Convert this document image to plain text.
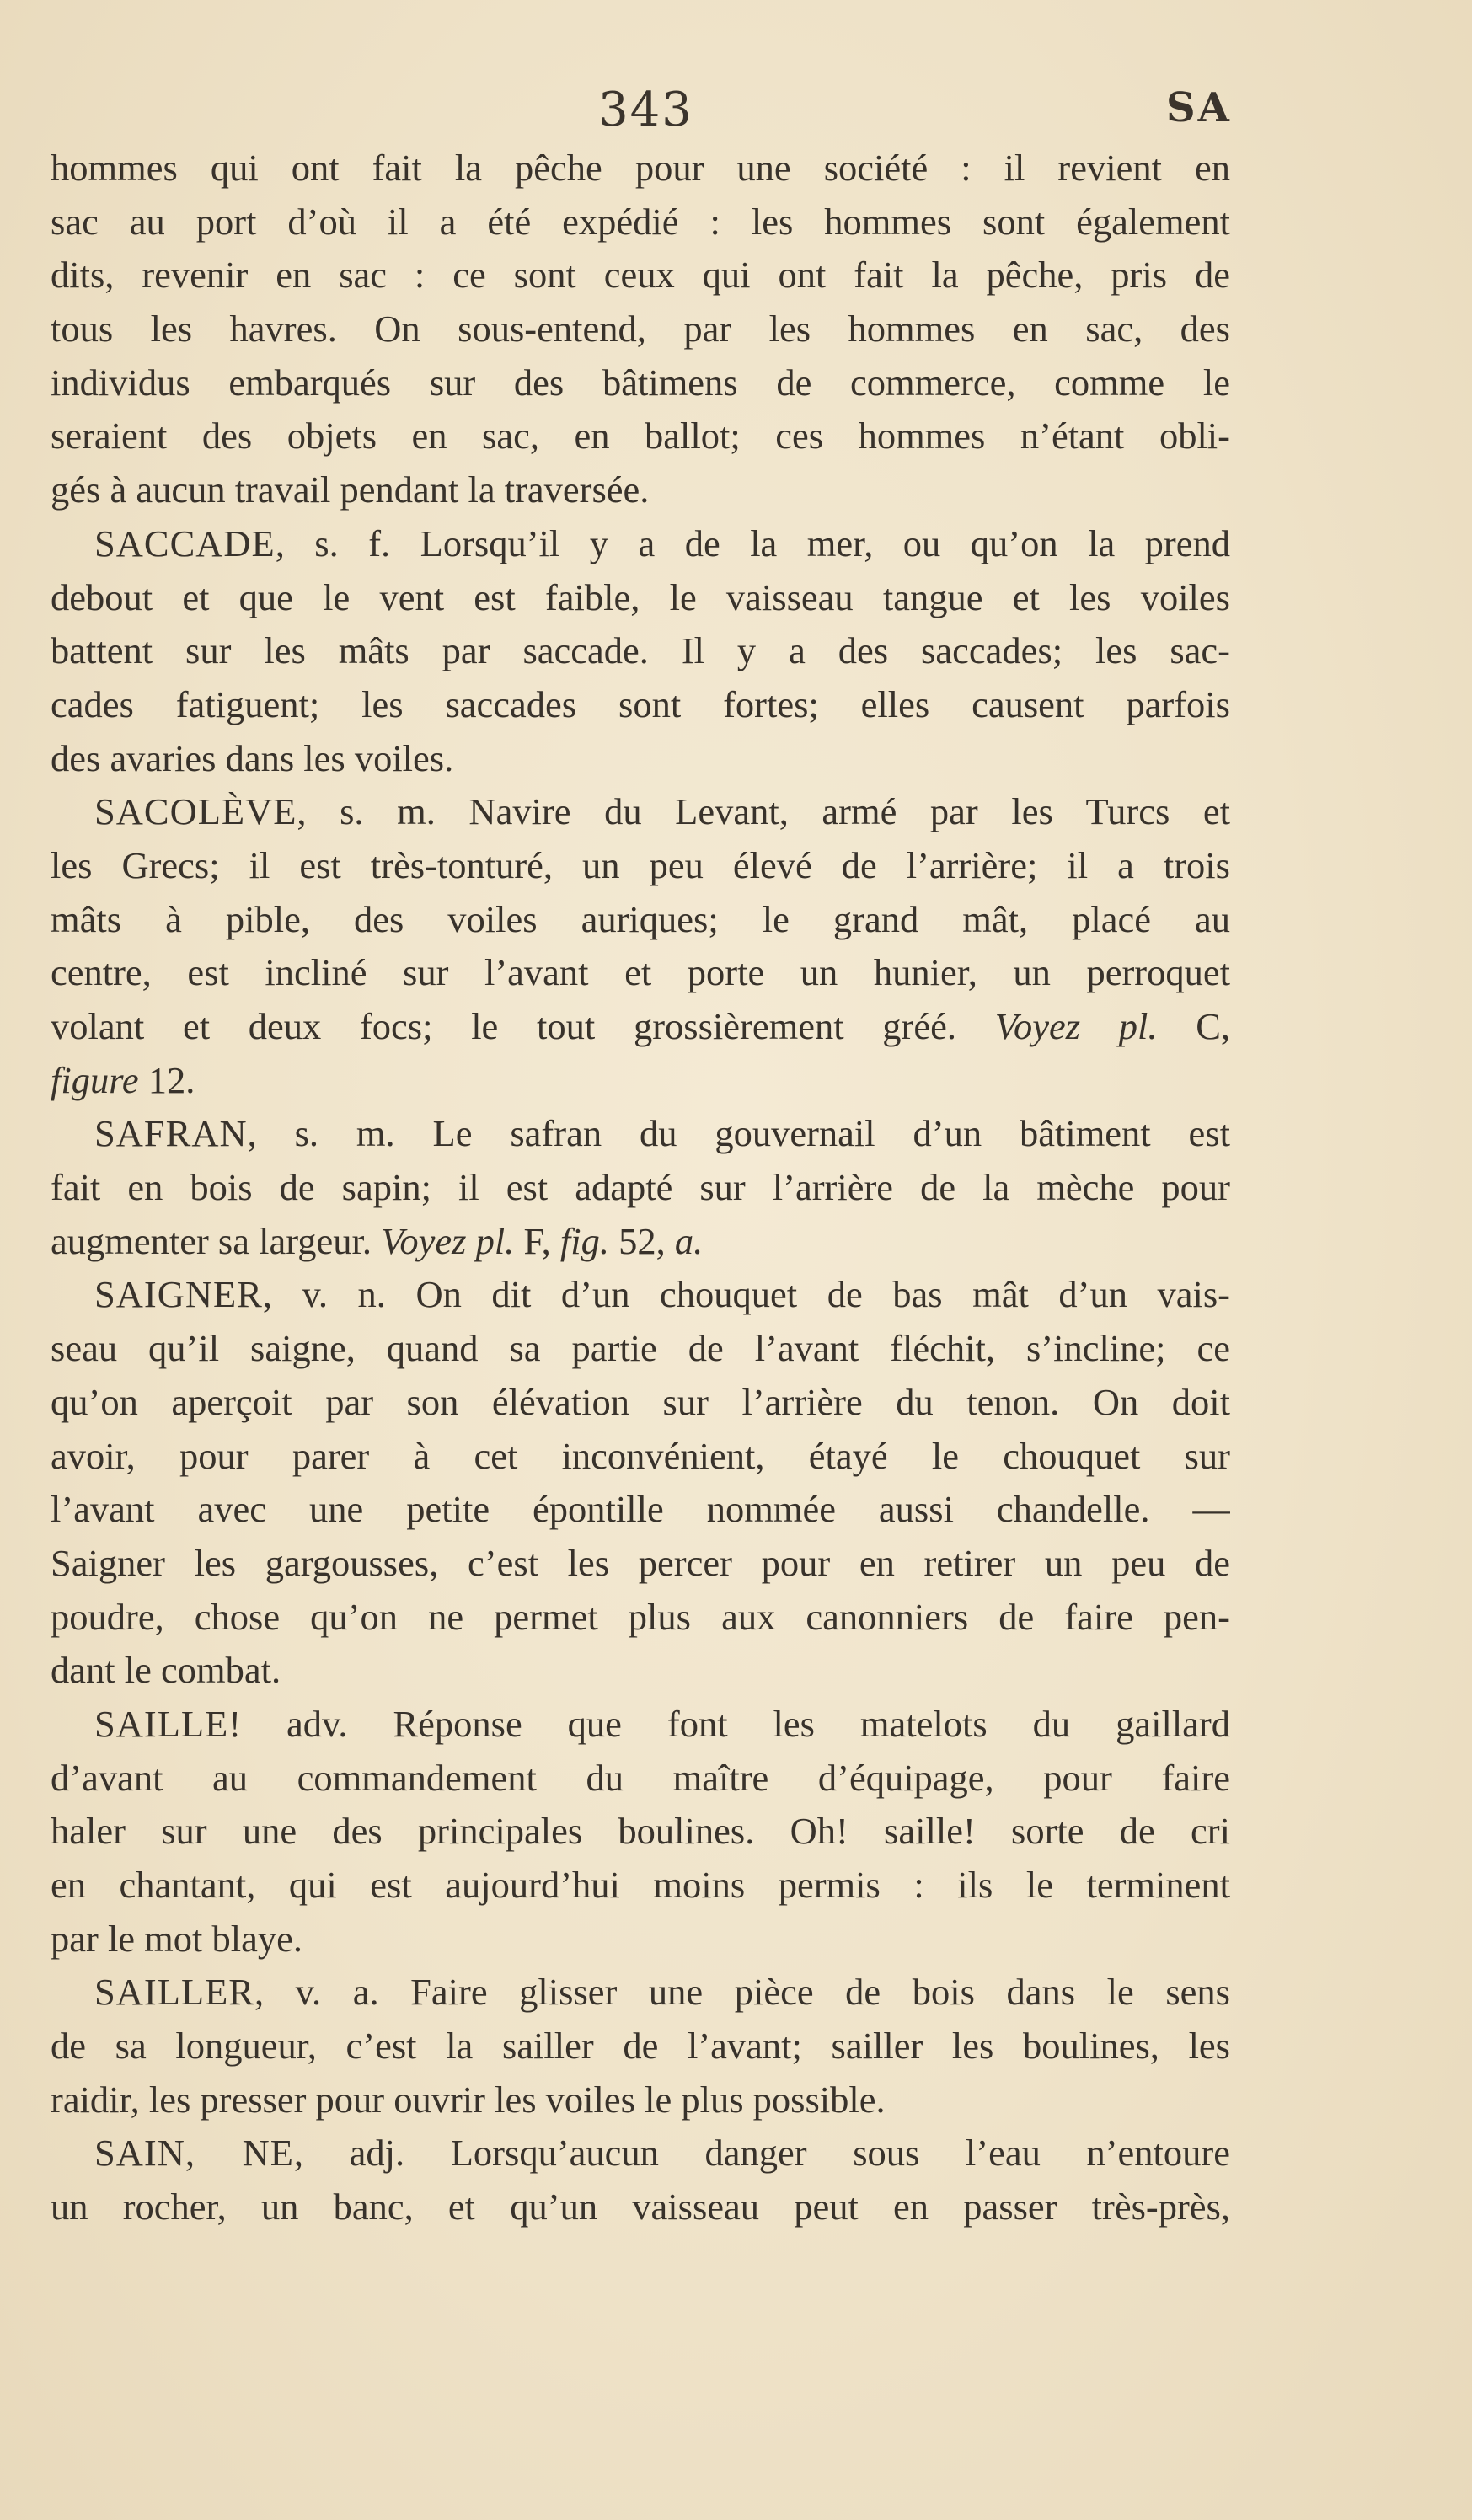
343	SA
hommes qui ont fait la pêche pour une société : il revient en
sac au port d’où il a été expédié : les hommes sont également
dits, revenir en sac : ce sont ceux qui ont fait la pêche, pris de
tous les havres. On sous-entend, par les hommes en sac, des
individus embarqués sur des bâtimens de commerce, comme le
seraient des objets en sac, en ballot; ces hommes n’étant obli-
gés à aucun travail pendant la traversée.
SACCADE, s. f. Lorsqu’il y a de la mer, ou qu’on la prend
debout et que le vent est faible, le vaisseau tangue et les voiles
battent sur les mâts par saccade. Il y a des saccades; les sac-
cades fatiguent; les saccades sont fortes; elles causent parfois
des avaries dans les voiles.
SACOLÈVE, s. m. Navire du Levant, armé par les Turcs et
les Grecs; il est très-tonturé, un peu élevé de l’arrière; il a trois
mâts à pible, des voiles auriques; le grand mât, placé au
centre, est incliné sur l’avant et porte un hunier, un perroquet
volant et deux focs; le tout grossièrement gréé. Voyez pl. C,
figure 12.
SAFRAN, s. m. Le safran du gouvernail d’un bâtiment est
fait en bois de sapin; il est adapté sur l’arrière de la mèche pour
augmenter sa largeur. Voyez pl. F, fig. 52, a.
SAIGNER, v. n. On dit d’un chouquet de bas mât d’un vais-
seau qu’il saigne, quand sa partie de l’avant fléchit, s’incline; ce
qu’on aperçoit par son élévation sur l’arrière du tenon. On doit
avoir, pour parer à cet inconvénient, étayé le chouquet sur
l’avant avec une petite épontille nommée aussi chandelle. —
Saigner les gargousses, c’est les percer pour en retirer un peu de
poudre, chose qu’on ne permet plus aux canonniers de faire pen-
dant le combat.
SAILLE! adv. Réponse que font les matelots du gaillard
d’avant au commandement du maître d’équipage, pour faire
haler sur une des principales boulines. Oh! saille! sorte de cri
en chantant, qui est aujourd’hui moins permis : ils le terminent
par le mot blaye.
SAILLER, v. a. Faire glisser une pièce de bois dans le sens
de sa longueur, c’est la sailler de l’avant; sailler les boulines, les
raidir, les presser pour ouvrir les voiles le plus possible.
SAIN, NE, adj. Lorsqu’aucun danger sous l’eau n’entoure
un rocher, un banc, et qu’un vaisseau peut en passer très-près,
